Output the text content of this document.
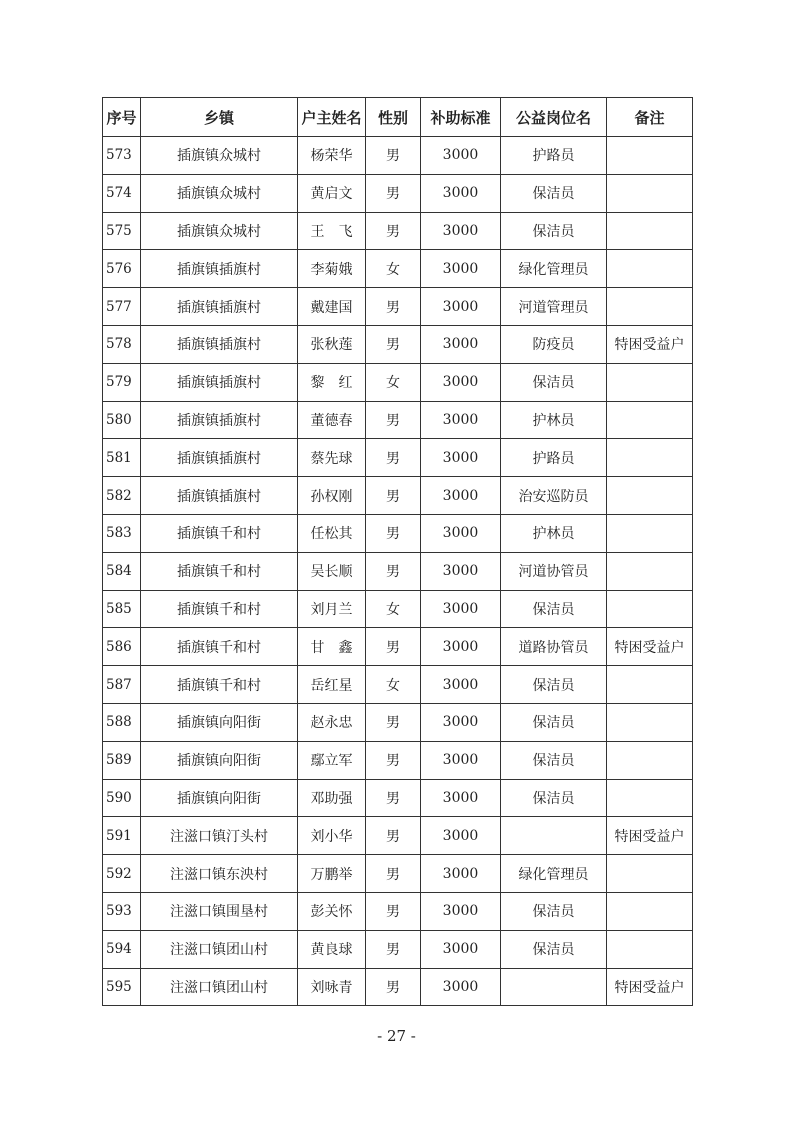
序号	乡镇	户主姓名	性别	补助标准	公益岗位名	备注
573	插旗镇众城村	杨荣华	男	3000	护路员	
574	插旗镇众城村	黄启文	男	3000	保洁员	
575	插旗镇众城村	王　飞	男	3000	保洁员	
576	插旗镇插旗村	李菊娥	女	3000	绿化管理员	
577	插旗镇插旗村	戴建国	男	3000	河道管理员	
578	插旗镇插旗村	张秋莲	男	3000	防疫员	特困受益户
579	插旗镇插旗村	黎　红	女	3000	保洁员	
580	插旗镇插旗村	董德春	男	3000	护林员	
581	插旗镇插旗村	蔡先球	男	3000	护路员	
582	插旗镇插旗村	孙权刚	男	3000	治安巡防员	
583	插旗镇千和村	任松其	男	3000	护林员	
584	插旗镇千和村	吴长顺	男	3000	河道协管员	
585	插旗镇千和村	刘月兰	女	3000	保洁员	
586	插旗镇千和村	甘　鑫	男	3000	道路协管员	特困受益户
587	插旗镇千和村	岳红星	女	3000	保洁员	
588	插旗镇向阳街	赵永忠	男	3000	保洁员	
589	插旗镇向阳街	鄢立军	男	3000	保洁员	
590	插旗镇向阳街	邓助强	男	3000	保洁员	
591	注滋口镇汀头村	刘小华	男	3000		特困受益户
592	注滋口镇东泱村	万鹏举	男	3000	绿化管理员	
593	注滋口镇围垦村	彭关怀	男	3000	保洁员	
594	注滋口镇团山村	黄良球	男	3000	保洁员	
595	注滋口镇团山村	刘咏青	男	3000		特困受益户
- 27 -
